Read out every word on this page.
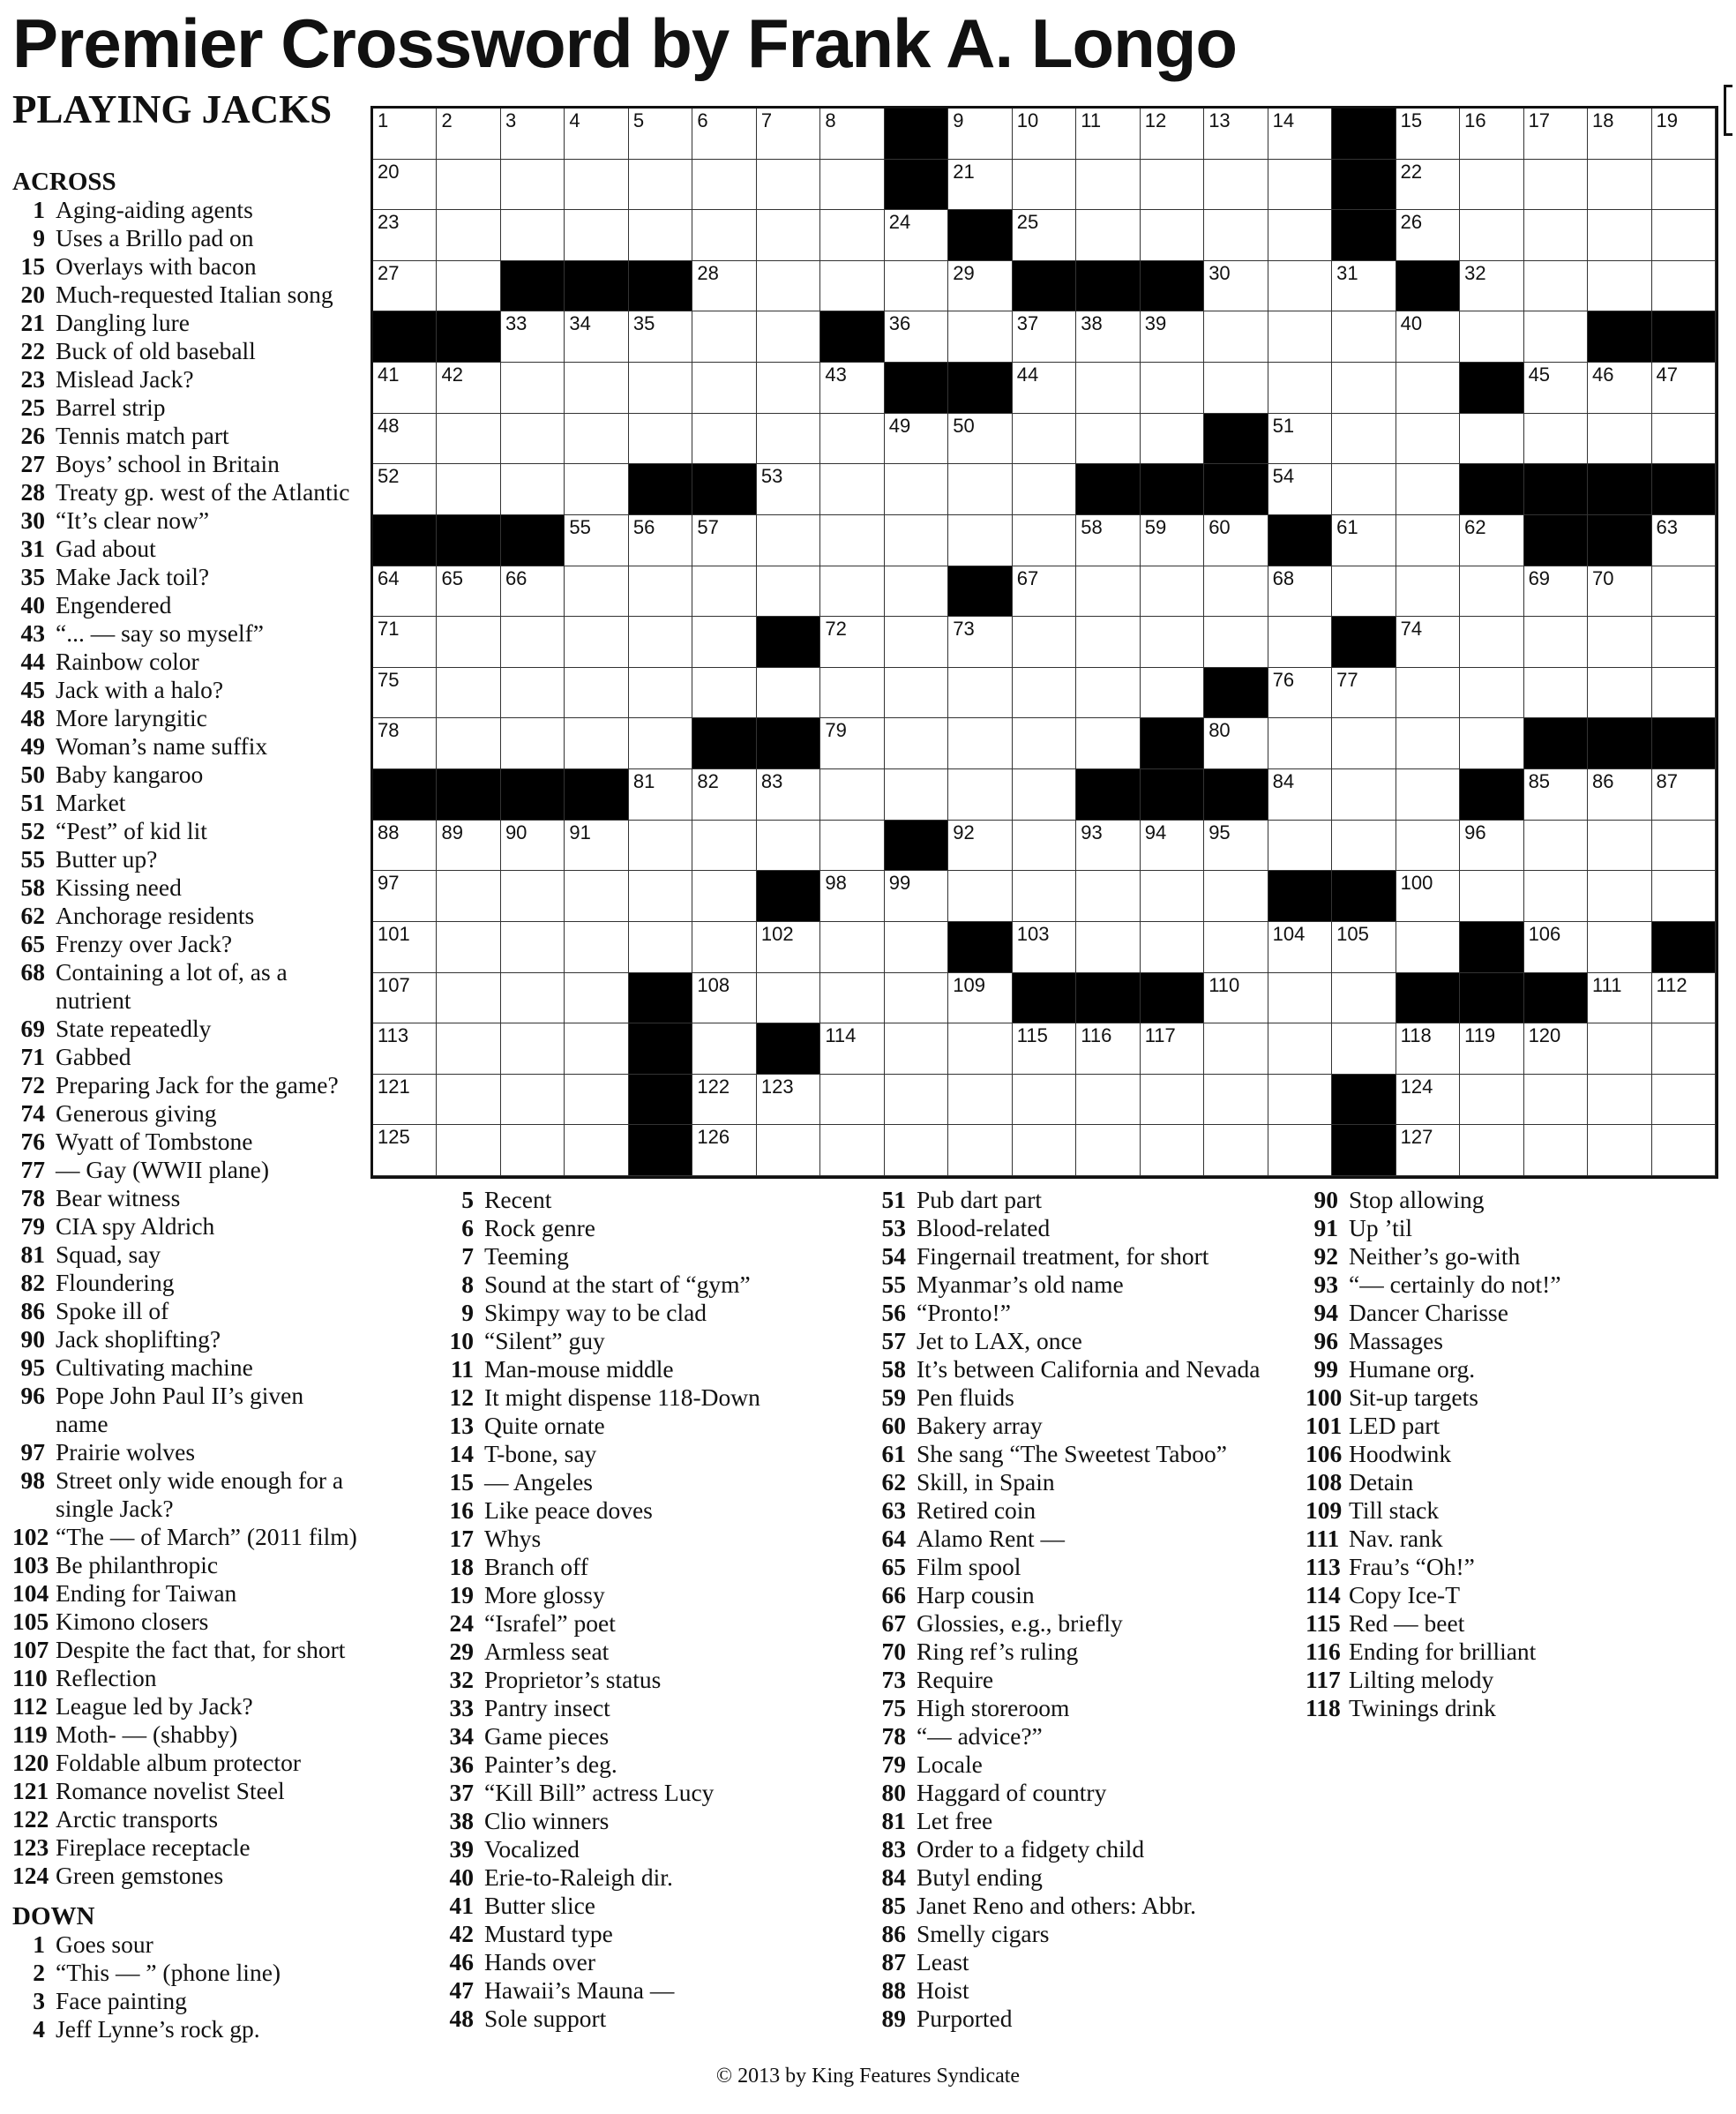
Premier Crossword by Frank A. Longo
PLAYING JACKS	1	2	3	4	5	6	7	8	9	10 11 12 13 14	15 16 17 18 19
20	21	22
23	24	25	26
27	28	29	30	31	32
33 34 35	36	37 38 39	40
41 42	43	44	45 46 47
48	49 50	51
52	53	54
55 56 57	58 59 60	61	62	63
64 65 66	67	68	69 70
71	72	73	74
75	76 77
78	79	80
81 82 83	84	85 86 87
88 89 90 91	92	93 94 95	96
97	98 99	100
101	102	103	104 105	106
107	108	109	110	111 112
113	114	115 116 117	118 119 120
121	122 123	124
125	126	127
ACROSS
1 Aging-aiding agents
9 Uses a Brillo pad on
15 Overlays with bacon
20 Much-requested Italian song
21 Dangling lure
22 Buck of old baseball
23 Mislead Jack?
25 Barrel strip
26 Tennis match part
27 Boys’ school in Britain
28 Treaty gp. west of the Atlantic
30 “It’s clear now”
31 Gad about
35 Make Jack toil?
40 Engendered
43 “... — say so myself”
44 Rainbow color
45 Jack with a halo?
48 More laryngitic
49 Woman’s name suffix
50 Baby kangaroo
51 Market
52 “Pest” of kid lit
55 Butter up?
58 Kissing need
62 Anchorage residents
65 Frenzy over Jack?
68 Containing a lot of, as a nutrient
69 State repeatedly
71 Gabbed
72 Preparing Jack for the game?
74 Generous giving
76 Wyatt of Tombstone
77 — Gay (WWII plane)
78 Bear witness
79 CIA spy Aldrich
81 Squad, say
82 Floundering
86 Spoke ill of
90 Jack shoplifting?
95 Cultivating machine
96 Pope John Paul II’s given name
97 Prairie wolves
98 Street only wide enough for a single Jack?
102 “The — of March” (2011 film)
103 Be philanthropic
104 Ending for Taiwan
105 Kimono closers
107 Despite the fact that, for short
110 Reflection
112 League led by Jack?
119 Moth- — (shabby)
120 Foldable album protector
121 Romance novelist Steel
122 Arctic transports
123 Fireplace receptacle
124 Green gemstones
DOWN
1 Goes sour
2 “This — ” (phone line)
3 Face painting
4 Jeff Lynne’s rock gp.
5 Recent
6 Rock genre
7 Teeming
8 Sound at the start of “gym”
9 Skimpy way to be clad
10 “Silent” guy
11 Man-mouse middle
12 It might dispense 118-Down
13 Quite ornate
14 T-bone, say
15 — Angeles
16 Like peace doves
17 Whys
18 Branch off
19 More glossy
24 “Israfel” poet
29 Armless seat
32 Proprietor’s status
33 Pantry insect
34 Game pieces
36 Painter’s deg.
37 “Kill Bill” actress Lucy
38 Clio winners
39 Vocalized
40 Erie-to-Raleigh dir.
41 Butter slice
42 Mustard type
46 Hands over
47 Hawaii’s Mauna —
48 Sole support
51 Pub dart part
53 Blood-related
54 Fingernail treatment, for short
55 Myanmar’s old name
56 “Pronto!”
57 Jet to LAX, once
58 It’s between California and Nevada
59 Pen fluids
60 Bakery array
61 She sang “The Sweetest Taboo”
62 Skill, in Spain
63 Retired coin
64 Alamo Rent —
65 Film spool
66 Harp cousin
67 Glossies, e.g., briefly
70 Ring ref’s ruling
73 Require
75 High storeroom
78 “— advice?”
79 Locale
80 Haggard of country
81 Let free
83 Order to a fidgety child
84 Butyl ending
85 Janet Reno and others: Abbr.
86 Smelly cigars
87 Least
88 Hoist
89 Purported
90 Stop allowing
91 Up ’til
92 Neither’s go-with
93 “— certainly do not!”
94 Dancer Charisse
96 Massages
99 Humane org.
100 Sit-up targets
101 LED part
106 Hoodwink
108 Detain
109 Till stack
111 Nav. rank
113 Frau’s “Oh!”
114 Copy Ice-T
115 Red — beet
116 Ending for brilliant
117 Lilting melody
118 Twinings drink
© 2013 by King Features Syndicate
